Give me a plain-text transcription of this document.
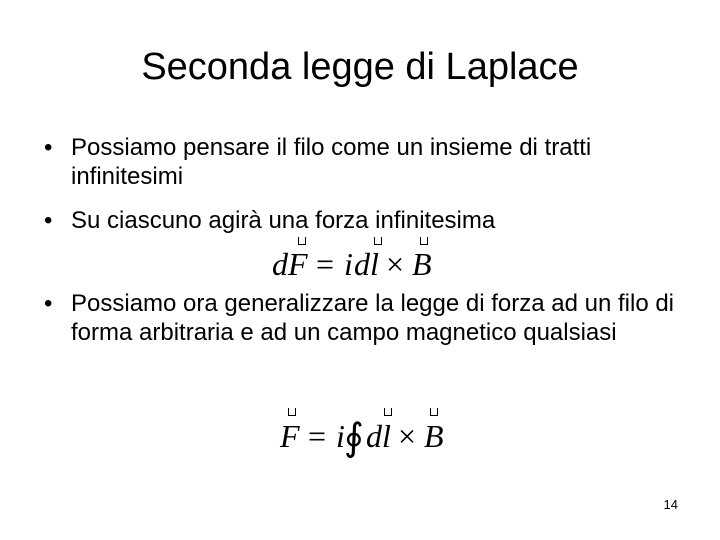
Seconda legge di Laplace
• Possiamo pensare il filo come un insieme di tratti infinitesimi
• Su ciascuno agirà una forza infinitesima
d F = i dl × B
• Possiamo ora generalizzare la legge di forza ad un filo di forma arbitraria e ad un campo magnetico qualsiasi
F = i ∮ dl × B
14
